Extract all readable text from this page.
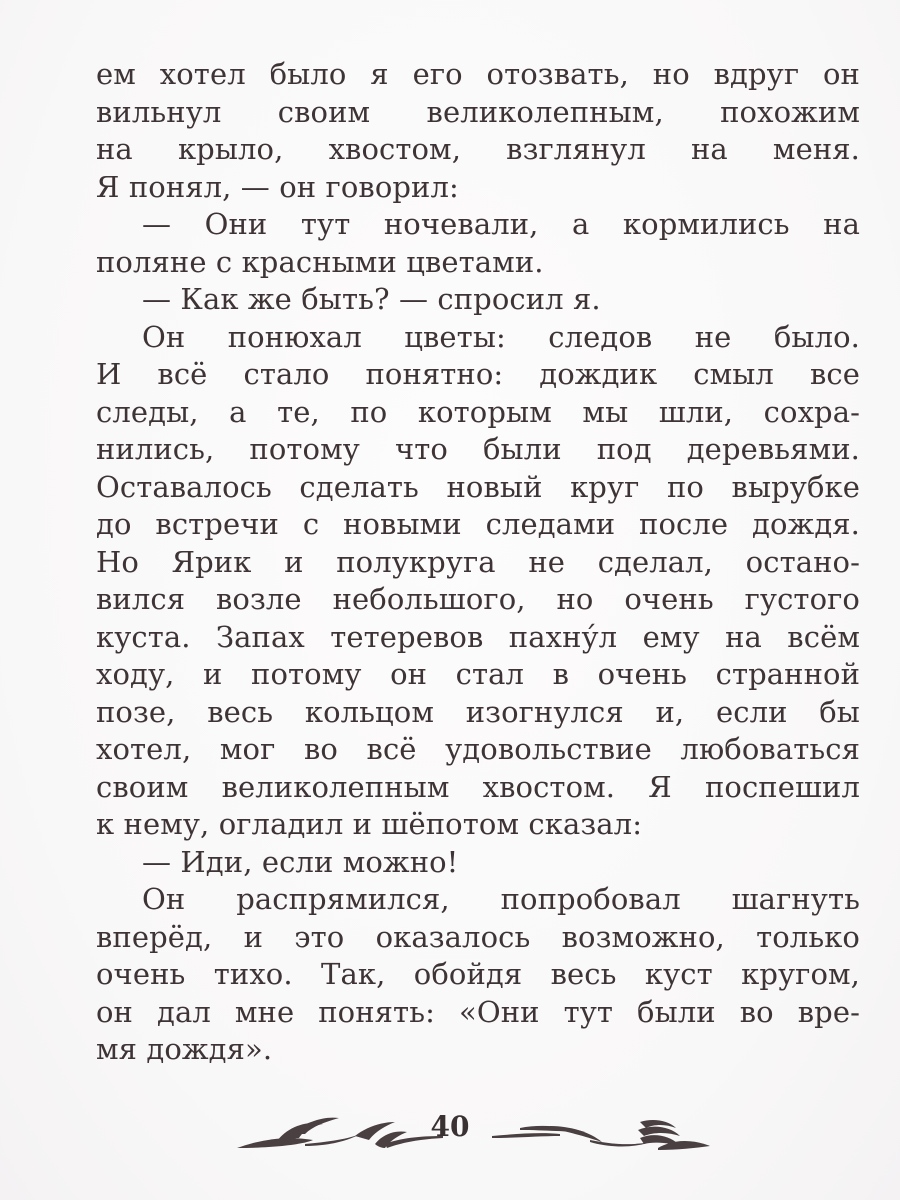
ем хотел было я его отозвать, но вдруг он
вильнул своим великолепным, похожим
на крыло, хвостом, взглянул на меня.
Я понял, — он говорил:
— Они тут ночевали, а кормились на
поляне с красными цветами.
— Как же быть? — спросил я.
Он понюхал цветы: следов не было.
И всё стало понятно: дождик смыл все
следы, а те, по которым мы шли, сохра-
нились, потому что были под деревьями.
Оставалось сделать новый круг по вырубке
до встречи с новыми следами после дождя.
Но Ярик и полукруга не сделал, остано-
вился возле небольшого, но очень густого
куста. Запах тетеревов пахну́л ему на всём
ходу, и потому он стал в очень странной
позе, весь кольцом изогнулся и, если бы
хотел, мог во всё удовольствие любоваться
своим великолепным хвостом. Я поспешил
к нему, огладил и шёпотом сказал:
— Иди, если можно!
Он распрямился, попробовал шагнуть
вперёд, и это оказалось возможно, только
очень тихо. Так, обойдя весь куст кругом,
он дал мне понять: «Они тут были во вре-
мя дождя».
40
